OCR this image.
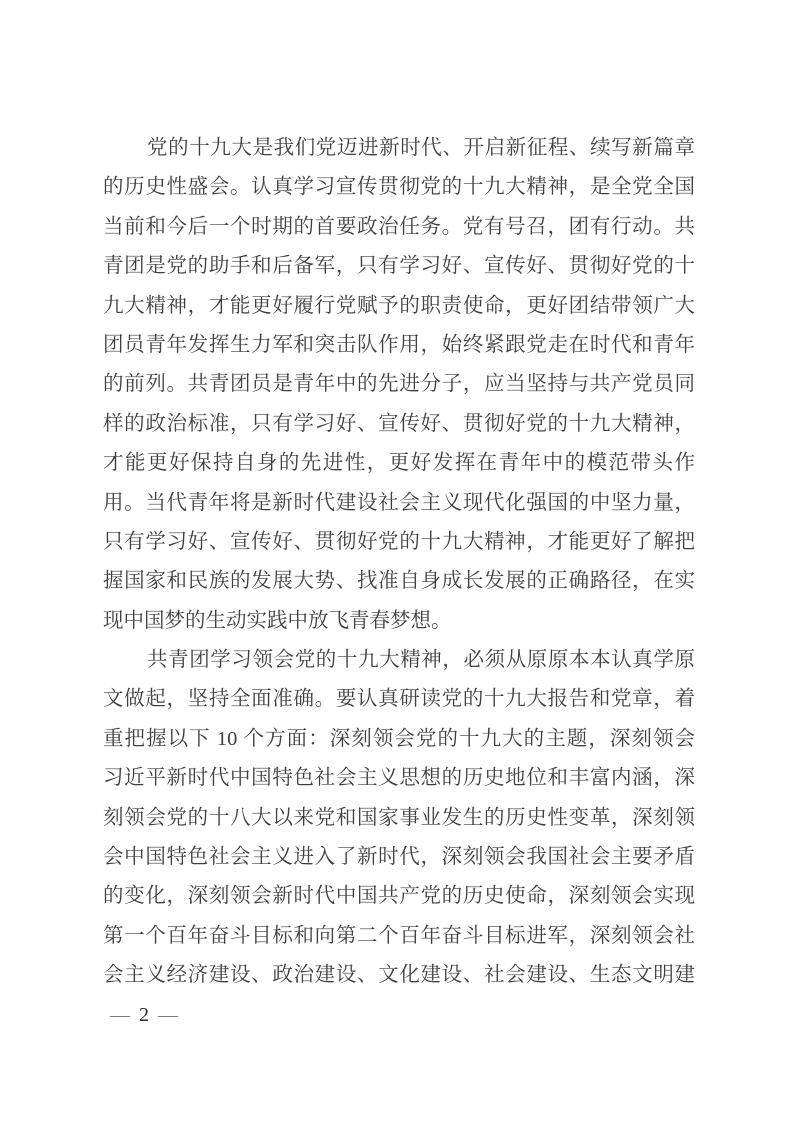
党的十九大是我们党迈进新时代、开启新征程、续写新篇章
的历史性盛会。认真学习宣传贯彻党的十九大精神，是全党全国
当前和今后一个时期的首要政治任务。党有号召，团有行动。共
青团是党的助手和后备军，只有学习好、宣传好、贯彻好党的十
九大精神，才能更好履行党赋予的职责使命，更好团结带领广大
团员青年发挥生力军和突击队作用，始终紧跟党走在时代和青年
的前列。共青团员是青年中的先进分子，应当坚持与共产党员同
样的政治标准，只有学习好、宣传好、贯彻好党的十九大精神，
才能更好保持自身的先进性，更好发挥在青年中的模范带头作
用。当代青年将是新时代建设社会主义现代化强国的中坚力量，
只有学习好、宣传好、贯彻好党的十九大精神，才能更好了解把
握国家和民族的发展大势、找准自身成长发展的正确路径，在实
现中国梦的生动实践中放飞青春梦想。
共青团学习领会党的十九大精神，必须从原原本本认真学原
文做起，坚持全面准确。要认真研读党的十九大报告和党章，着
重把握以下 10 个方面：深刻领会党的十九大的主题，深刻领会
习近平新时代中国特色社会主义思想的历史地位和丰富内涵，深
刻领会党的十八大以来党和国家事业发生的历史性变革，深刻领
会中国特色社会主义进入了新时代，深刻领会我国社会主要矛盾
的变化，深刻领会新时代中国共产党的历史使命，深刻领会实现
第一个百年奋斗目标和向第二个百年奋斗目标进军，深刻领会社
会主义经济建设、政治建设、文化建设、社会建设、生态文明建
— 2 —
